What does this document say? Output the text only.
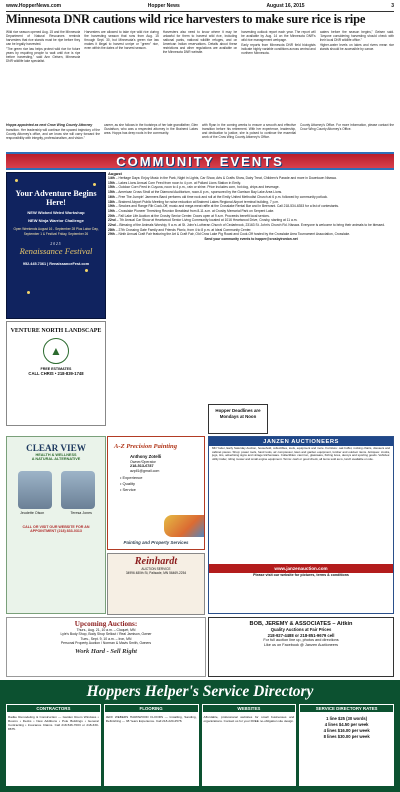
www.HopperNews.com	Hopper News	August 16, 2015	3
Minnesota DNR cautions wild rice harvesters to make sure rice is ripe

Wild rice season opened Aug. 15 and the Minnesota Department of Natural Resources reminds harvesters that rice stands must be ripe before they can be legally harvested.

"The green rice law helps protect wild rice for future years by requiring people to wait until rice is ripe before harvesting," said Ann Geisen, Minnesota DNR wildlife lake specialist.

Harvesters are allowed to take ripe wild rice during the harvesting season that runs from Aug. 15 through Sept. 30, but Minnesota's green rice law makes it illegal to harvest unripe or "green" rice, even within the dates of the harvest season.

Harvesters also need to know where it may be unlawful for them to harvest wild rice, including national parks, national wildlife refuges, and on American Indian reservations. Details about these restrictions and other regulations are available on the Minnesota DNR website.

harvesting outlook report each year. The report will be available by Aug. 14 on the Minnesota DNR's wild rice management webpage.

Early reports from Minnesota DNR field biologists indicate highly variable conditions across central and northern Minnesota.

waters before the season begins," Geisen said. "Anyone considering harvesting should check with their local DNR wildlife office."

Higher-water levels on lakes and rivers mean rice stands should be accessible by canoe.

Hopps appointed as next Crow Wing County Attorney

transition. Her leadership will continue the upward trajectory of the County Attorney's office, and we know she will carry forward the responsibility with integrity, professionalism, and vision."

career, as she follows in the footsteps of her late grandfather, Glen Gustafson, who was a respected attorney in the Brainerd Lakes area. Hopps has deep roots in the community.

with Ryan in the coming weeks to ensure a smooth and effective transition before his retirement. With her experience, leadership, and dedication to justice, she is poised to continue the essential work of the Crow Wing County Attorney's Office.

County Attorney's Office. For more information, please contact the Crow Wing County Attorney's Office.

COMMUNITY EVENTS
Your Adventure Begins Here!
NEW Wicked Weird Workshop
NEW Ninja Warrior Challenge
Open Weekends August 16 - September 28 Plus Labor Day, September 1 & Festival Friday, September 26
2025
Renaissance Festival
952.445.7361 | RenaissanceFest.com
VENTURE NORTH LANDSCAPE
▲
FREE ESTIMATES
CALL CHRIS • 218-839-1748
August
14th – Heritage Days: Enjoy Music in the Park, Night in Lights, Car Show, Arts & Crafts Show, Dairy Treat, Children's Parade and more in Downtown Nisswa.
15th – Lakes Lions Annual Corn Feed from noon to 4 p.m. at Pollard Lions Station in Emily.
15th – Outdoor Corn Feed in Cuyuna, noon to 4 p.m., rain or shine. Price includes corn, hot dog, chips and beverage.
15th – American Cross Stroll at the Diamond Auditorium, noon-6 p.m., sponsored by the Garrison Bay Lake Area Lions.
16th – Free The Jumpin' Jammers Band performs old time rock and roll at the Emily United Methodist Church at 6 p.m. followed by community potluck.
18th – Brainerd Airport Public Meeting for noise reduction at Brainerd Lakes Regional Airport terminal building, 7 p.m.
19th – Smokes and Range Rib Cook-Off, music and mega meat raffle at the Crosslake Rental Bar and In Beervant. Call 218-534-6353 for a list of contestants.
19th – Crosslake Pioneer Threshing Reunion Breakfast from 8-11 a.m. at Crosby Memorial Park on Serpent Lake.
20th – Fall Lake Life Auction at the Crosby Senior Center. Doors open at 9 a.m. Proceeds benefit local seniors.
22nd – 7th Annual Car Show at Heartwood Senior Living Community located at 1016 Heartwood Drive, Crosby, starting at 11 a.m.
22nd – Blessing of the Animals Worship, 9 a.m. at St. John's Lutheran Church of Cedarbrook, 23163 St. John's Church Rd. Nisswa. Everyone is welcome to bring their animals to be blessed.
28th – 27th Crossing Gate Family and Friends Picnic, from 4 to 8 p.m. at Ideal Community Center.
29th – Ninth Annual Craft Fair featuring the Art & Craft Fair, Old Crow Lake Pig Roast and Cook-Off hosted by the Crosslake Area Tournament Association, Crosslake.
Send your community events to hopper@crosbyironton.net
Hopper Deadlines are Mondays at Noon
CLEAR VIEW
HEALTH & WELLNESS
A NATURAL ALTERNATIVE
Jeudette Olson	Teresa Jones
CALL OR VISIT OUR WEBSITE FOR AN APPOINTMENT (218) 833-0313
A-Z Precision Painting
Anthony Zotelli
Owner/Operator
218-513-6787
azpll1@gmail.com
• Experience
• Quality
• Service
Painting and Property Services
Reinhardt
AUCTION SERVICE
34996 480th St, Palisade, MN 56469-2254
JANZEN AUCTIONEERS
MN Yoder, Early Saturday Auction, household, collectibles, tools, equipment and more. Furniture: oak buffet, rocking chairs, dressers and cabinet pieces. Shop: power tools, hand tools, air compressor, lawn and garden equipment, lumber and outdoor items. Antiques: crocks, jugs, tins, advertising signs and vintage kitchenware. Collectibles: cast iron, glassware, fishing lures, decoys and sporting goods. Vehicles: utility trailer, riding mower and small engine equipment. Terms: cash or good check, all items sold as is, lunch available on site.
www.janzenauction.com
Please visit our website for pictures, terms & conditions
Upcoming Auctions:
Thurs., Aug. 21, 10 a.m. – Cloquet, MN
Lyle's Body Shop, Body Shop Sellout / Real Jamison, Owner
Tues., Sept. 9, 10 a.m. – Iron, MN
Personal Property Auction / Norman & Mavis Smith, Owners
Work Hard - Sell Right
BOB, JEREMY & ASSOCIATES – Aitkin
Quality Auctions at Fair Prices
218-927-4488 or 218-851-9679 cell
For full auction line up, photos and directions
Like us on Facebook @ Janzen Auctioneers
Hoppers Helper's Service Directory
CONTRACTORS
Radke Remodeling & Construction — Garden Room Windows • Rooms • Decks • New Additions • Pole Buildings • General Contracting • Insurance Claims. Call 218-546-7003 or 218-330-8675.
FLOORING
JEFF WEBERS HARDWOOD FLOORS — Installing, Sanding, Refinishing — 38 Years Experience. Call 218-220-2578.
WEBSITES
Affordable, professional websites for small businesses and organizations. Contact us for your FREE no-obligation site design.
SERVICE DIRECTORY RATES
1 line $25 (30 words)
4 lines $4.50 per week
4 lines $16.00 per week
8 lines $30.00 per week
